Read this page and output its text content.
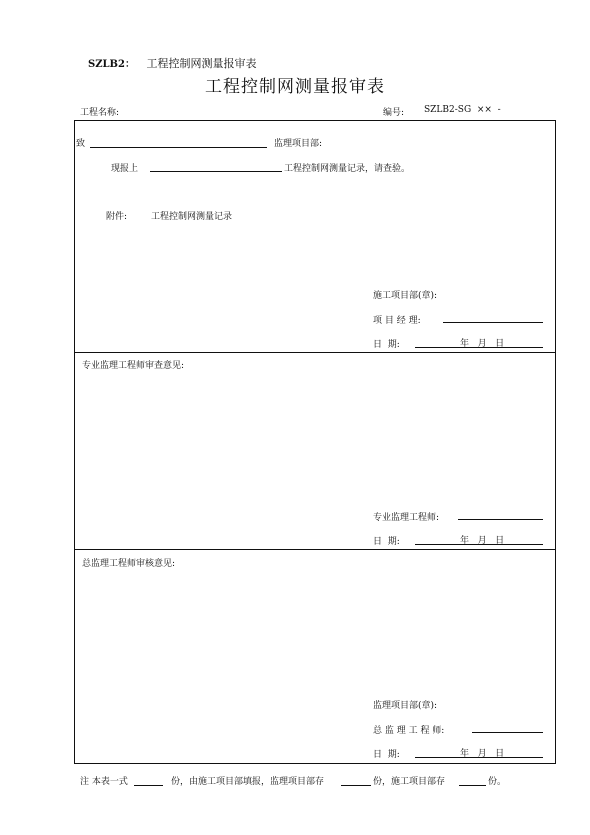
SZLB2： 工程控制网测量报审表
工程控制网测量报审表
工程名称:	编号: SZLB2-SG  ××  -
致	监理项目部:
现报上	工程控制网测量记录，请查验。
附件:	工程控制网测量记录
施工项目部(章):
项 目 经 理:
日  期:	年   月   日
专业监理工程师审查意见:
专业监理工程师:
日  期:	年   月   日
总监理工程师审核意见:
监理项目部(章):
总 监 理 工 程 师:
日  期:	年   月   日
注 本表一式	份，由施工项目部填报，监理项目部存	份，施工项目部存	份。
